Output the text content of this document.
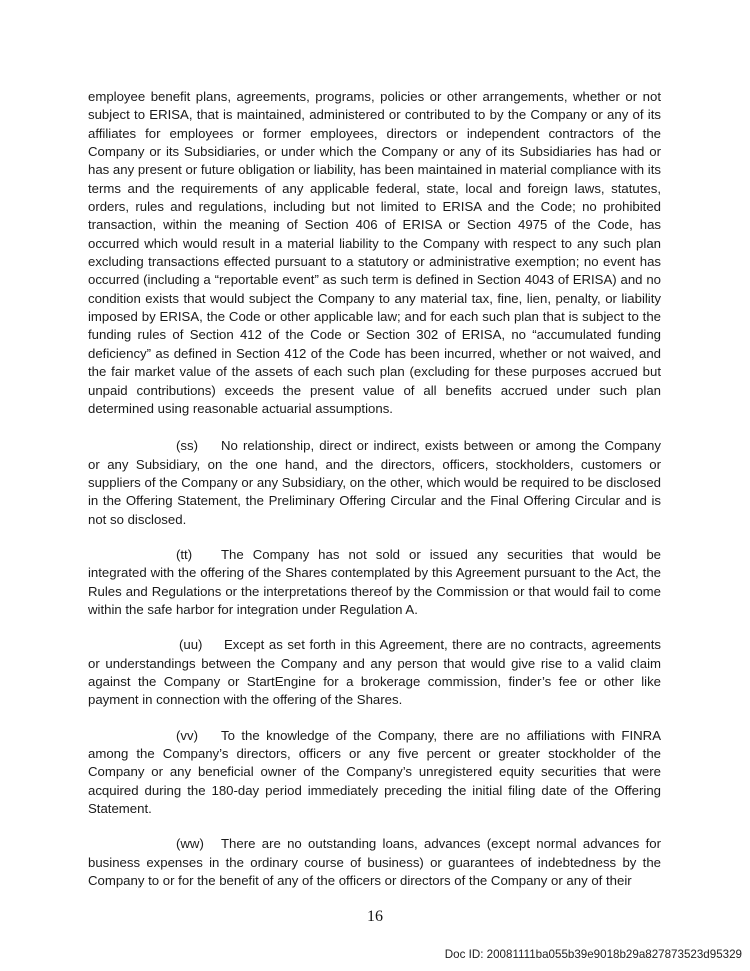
employee benefit plans, agreements, programs, policies or other arrangements, whether or not subject to ERISA, that is maintained, administered or contributed to by the Company or any of its affiliates for employees or former employees, directors or independent contractors of the Company or its Subsidiaries, or under which the Company or any of its Subsidiaries has had or has any present or future obligation or liability, has been maintained in material compliance with its terms and the requirements of any applicable federal, state, local and foreign laws, statutes, orders, rules and regulations, including but not limited to ERISA and the Code; no prohibited transaction, within the meaning of Section 406 of ERISA or Section 4975 of the Code, has occurred which would result in a material liability to the Company with respect to any such plan excluding transactions effected pursuant to a statutory or administrative exemption; no event has occurred (including a “reportable event” as such term is defined in Section 4043 of ERISA) and no condition exists that would subject the Company to any material tax, fine, lien, penalty, or liability imposed by ERISA, the Code or other applicable law; and for each such plan that is subject to the funding rules of Section 412 of the Code or Section 302 of ERISA, no “accumulated funding deficiency” as defined in Section 412 of the Code has been incurred, whether or not waived, and the fair market value of the assets of each such plan (excluding for these purposes accrued but unpaid contributions) exceeds the present value of all benefits accrued under such plan determined using reasonable actuarial assumptions.

(ss) No relationship, direct or indirect, exists between or among the Company or any Subsidiary, on the one hand, and the directors, officers, stockholders, customers or suppliers of the Company or any Subsidiary, on the other, which would be required to be disclosed in the Offering Statement, the Preliminary Offering Circular and the Final Offering Circular and is not so disclosed.

(tt) The Company has not sold or issued any securities that would be integrated with the offering of the Shares contemplated by this Agreement pursuant to the Act, the Rules and Regulations or the interpretations thereof by the Commission or that would fail to come within the safe harbor for integration under Regulation A.

(uu) Except as set forth in this Agreement, there are no contracts, agreements or understandings between the Company and any person that would give rise to a valid claim against the Company or StartEngine for a brokerage commission, finder’s fee or other like payment in connection with the offering of the Shares.

(vv) To the knowledge of the Company, there are no affiliations with FINRA among the Company’s directors, officers or any five percent or greater stockholder of the Company or any beneficial owner of the Company’s unregistered equity securities that were acquired during the 180-day period immediately preceding the initial filing date of the Offering Statement.

(ww) There are no outstanding loans, advances (except normal advances for business expenses in the ordinary course of business) or guarantees of indebtedness by the Company to or for the benefit of any of the officers or directors of the Company or any of their

16
Doc ID: 20081111ba055b39e9018b29a827873523d95329
